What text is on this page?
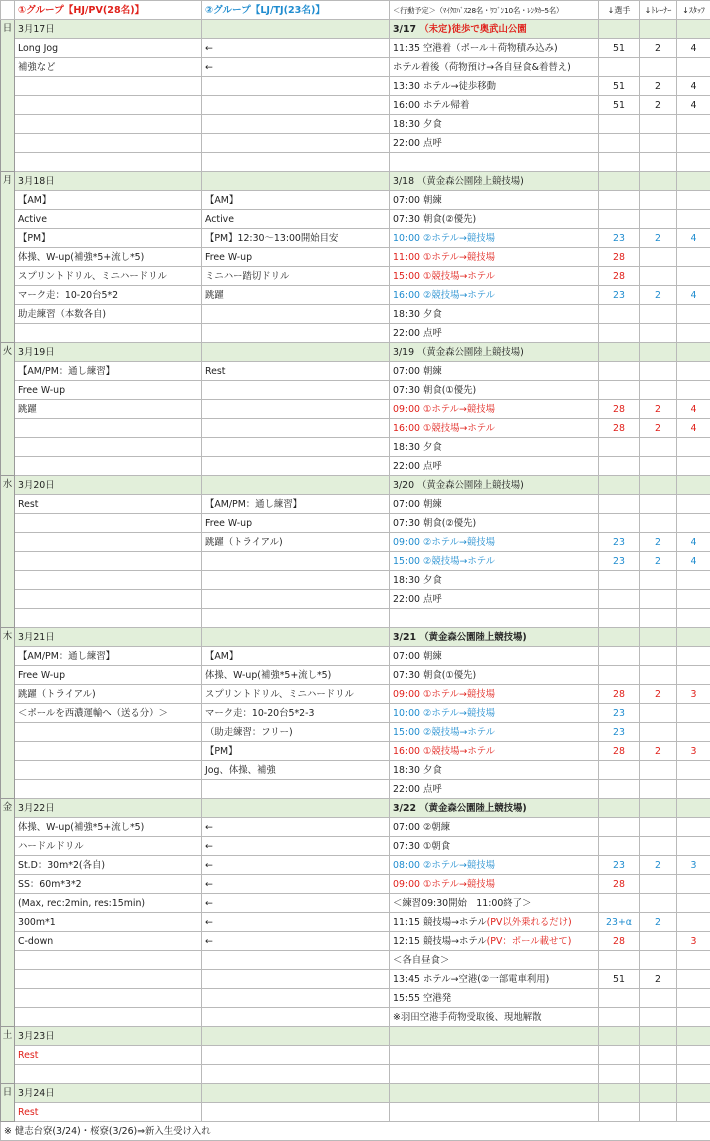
	①グループ【HJ/PV(28名)】	②グループ【LJ/TJ(23名)】	＜行動予定＞（ﾏｲｸﾛﾊﾞｽ28名・ﾜｺﾞﾝ10名・ﾚﾝﾀｶｰ5名）	↓選手	↓ﾄﾚｰﾅｰ	↓ｽﾀｯﾌ
日	3月17日		3/17 （未定)徒歩で奥武山公園			
	Long Jog	←	11:35 空港着（ポール＋荷物積み込み)	51	2	4
	補強など	←	ホテル着後（荷物預け→各自昼食&着替え)			
			13:30 ホテル→徒歩移動	51	2	4
			16:00 ホテル帰着	51	2	4
			18:30 夕食			
			22:00 点呼			

月	3月18日		3/18 （黄金森公園陸上競技場)			
	【AM】	【AM】	07:00 朝練			
	Active	Active	07:30 朝食(②優先)			
	【PM】	【PM】12:30～13:00開始目安	10:00 ②ホテル→競技場	23	2	4
	体操、W-up(補強*5+流し*5)	Free W-up	11:00 ①ホテル→競技場	28		
	スプリントドリル、ミニハードリル	ミニハー踏切ドリル	15:00 ①競技場→ホテル	28		
	マーク走：10-20台5*2	跳躍	16:00 ②競技場→ホテル	23	2	4
	助走練習（本数各自)		18:30 夕食			
			22:00 点呼			
火	3月19日		3/19 （黄金森公園陸上競技場)			
	【AM/PM：通し練習】	Rest	07:00 朝練			
	Free W-up		07:30 朝食(①優先)			
	跳躍		09:00 ①ホテル→競技場	28	2	4
			16:00 ①競技場→ホテル	28	2	4
			18:30 夕食			
			22:00 点呼			
水	3月20日		3/20 （黄金森公園陸上競技場)			
	Rest	【AM/PM：通し練習】	07:00 朝練			
		Free W-up	07:30 朝食(②優先)			
		跳躍（トライアル)	09:00 ②ホテル→競技場	23	2	4
			15:00 ②競技場→ホテル	23	2	4
			18:30 夕食			
			22:00 点呼			

木	3月21日		3/21 （黄金森公園陸上競技場)			
	【AM/PM：通し練習】	【AM】	07:00 朝練			
	Free W-up	体操、W-up(補強*5+流し*5)	07:30 朝食(①優先)			
	跳躍（トライアル)	スプリントドリル、ミニハードリル	09:00 ①ホテル→競技場	28	2	3
	＜ポールを西濃運輸へ（送る分）＞	マーク走：10-20台5*2-3	10:00 ②ホテル→競技場	23		
		（助走練習：フリー)	15:00 ②競技場→ホテル	23		
		【PM】	16:00 ①競技場→ホテル	28	2	3
		Jog、体操、補強	18:30 夕食			
			22:00 点呼			
金	3月22日		3/22 （黄金森公園陸上競技場)			
	体操、W-up(補強*5+流し*5)	←	07:00 ②朝練			
	ハードルドリル	←	07:30 ①朝食			
	St.D：30m*2(各自)	←	08:00 ②ホテル→競技場	23	2	3
	SS：60m*3*2	←	09:00 ①ホテル→競技場	28		
	(Max, rec:2min, res:15min)	←	＜練習09:30開始　11:00終了＞			
	300m*1	←	11:15 競技場→ホテル(PV以外乗れるだけ)	23+α	2	
	C-down	←	12:15 競技場→ホテル(PV：ポール載せて)	28		3
			＜各自昼食＞			
			13:45 ホテル→空港(②一部電車利用)	51	2	
			15:55 空港発			
			※羽田空港手荷物受取後、現地解散			
土	3月23日					
	Rest					

日	3月24日					
	Rest					
※ 健志台寮(3/24)・桜寮(3/26)⇒新入生受け入れ						
